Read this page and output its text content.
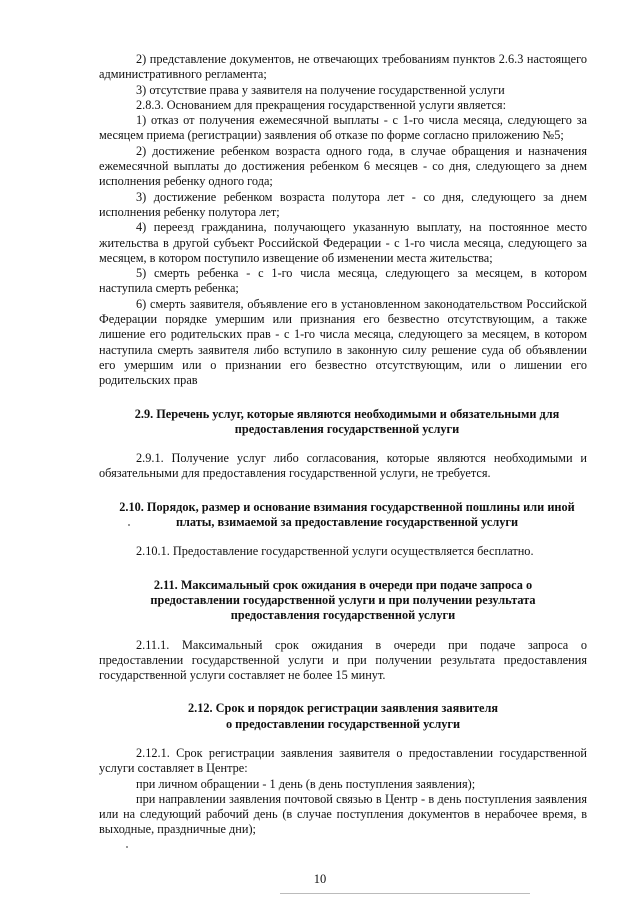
2) представление документов, не отвечающих требованиям пунктов 2.6.3 настоящего административного регламента;

3) отсутствие права у заявителя на получение государственной услуги

2.8.3. Основанием для прекращения государственной услуги является:

1) отказ от получения ежемесячной выплаты - с 1-го числа месяца, следующего за месяцем приема (регистрации) заявления об отказе по форме согласно приложению №5;

2) достижение ребенком возраста одного года, в случае обращения и назначения ежемесячной выплаты до достижения ребенком 6 месяцев - со дня, следующего за днем исполнения ребенку одного года;

3) достижение ребенком возраста полутора лет - со дня, следующего за днем исполнения ребенку полутора лет;

4) переезд гражданина, получающего указанную выплату, на постоянное место жительства в другой субъект Российской Федерации - с 1-го числа месяца, следующего за месяцем, в котором поступило извещение об изменении места жительства;

5) смерть ребенка - с 1-го числа месяца, следующего за месяцем, в котором наступила смерть ребенка;

6) смерть заявителя, объявление его в установленном законодательством Российской Федерации порядке умершим или признания его безвестно отсутствующим, а также лишение его родительских прав - с 1-го числа месяца, следующего за месяцем, в котором наступила смерть заявителя либо вступило в законную силу решение суда об объявлении его умершим или о признании его безвестно отсутствующим, или о лишении его родительских прав

2.9. Перечень услуг, которые являются необходимыми и обязательными для предоставления государственной услуги

2.9.1. Получение услуг либо согласования, которые являются необходимыми и обязательными для предоставления государственной услуги, не требуется.

2.10. Порядок, размер и основание взимания государственной пошлины или иной платы, взимаемой за предоставление государственной услуги

2.10.1. Предоставление государственной услуги осуществляется бесплатно.

2.11. Максимальный срок ожидания в очереди при подаче запроса о

предоставлении государственной услуги и при получении результата

предоставления государственной услуги

2.11.1. Максимальный срок ожидания в очереди при подаче запроса о предоставлении государственной услуги и при получении результата предоставления государственной услуги составляет не более 15 минут.

2.12. Срок и порядок регистрации заявления заявителя

о предоставлении государственной услуги

2.12.1. Срок регистрации заявления заявителя о предоставлении государственной услуги составляет в Центре:

при личном обращении - 1 день (в день поступления заявления);

при направлении заявления почтовой связью в Центр - в день поступления заявления или на следующий рабочий день (в случае поступления документов в нерабочее время, в выходные, праздничные дни);

10
